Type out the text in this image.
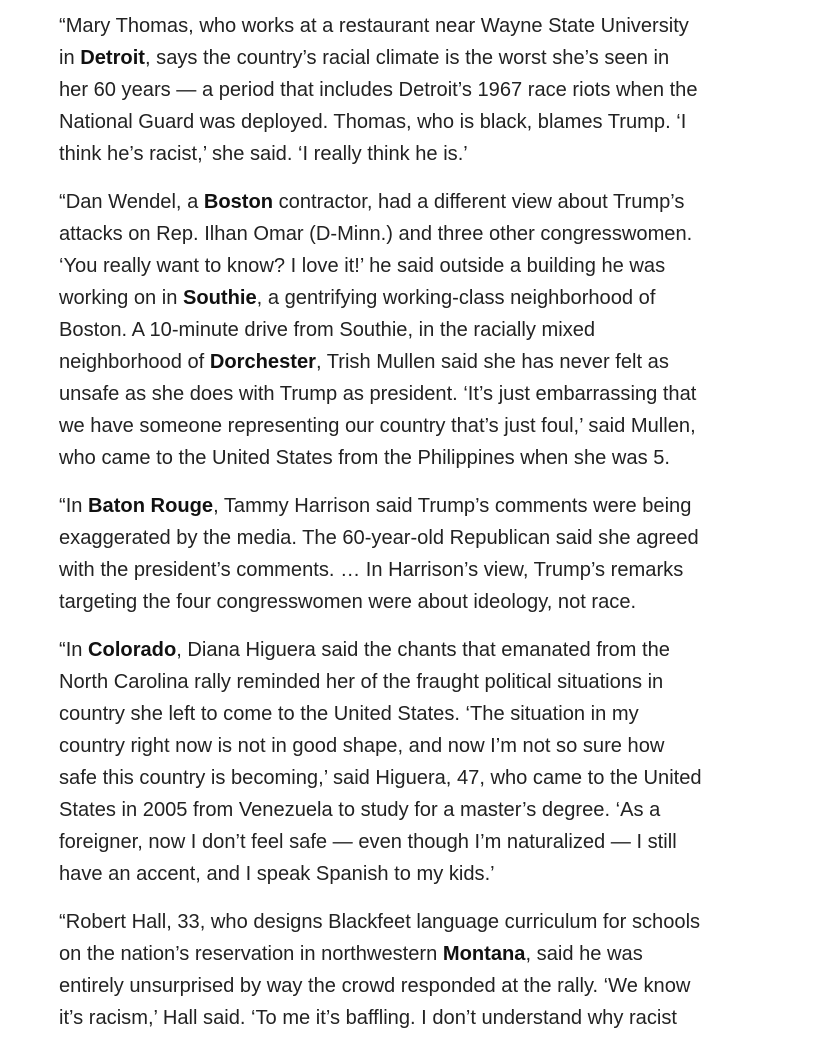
“Mary Thomas, who works at a restaurant near Wayne State University
in Detroit, says the country’s racial climate is the worst she’s seen in
her 60 years — a period that includes Detroit’s 1967 race riots when the
National Guard was deployed. Thomas, who is black, blames Trump. ‘I
think he’s racist,’ she said. ‘I really think he is.’

“Dan Wendel, a Boston contractor, had a different view about Trump’s
attacks on Rep. Ilhan Omar (D-Minn.) and three other congresswomen.
‘You really want to know? I love it!’ he said outside a building he was
working on in Southie, a gentrifying working-class neighborhood of
Boston. A 10-minute drive from Southie, in the racially mixed
neighborhood of Dorchester, Trish Mullen said she has never felt as
unsafe as she does with Trump as president. ‘It’s just embarrassing that
we have someone representing our country that’s just foul,’ said Mullen,
who came to the United States from the Philippines when she was 5.

“In Baton Rouge, Tammy Harrison said Trump’s comments were being
exaggerated by the media. The 60-year-old Republican said she agreed
with the president’s comments. … In Harrison’s view, Trump’s remarks
targeting the four congresswomen were about ideology, not race.

“In Colorado, Diana Higuera said the chants that emanated from the
North Carolina rally reminded her of the fraught political situations in
country she left to come to the United States. ‘The situation in my
country right now is not in good shape, and now I’m not so sure how
safe this country is becoming,’ said Higuera, 47, who came to the United
States in 2005 from Venezuela to study for a master’s degree. ‘As a
foreigner, now I don’t feel safe — even though I’m naturalized — I still
have an accent, and I speak Spanish to my kids.’

“Robert Hall, 33, who designs Blackfeet language curriculum for schools
on the nation’s reservation in northwestern Montana, said he was
entirely unsurprised by way the crowd responded at the rally. ‘We know
it’s racism,’ Hall said. ‘To me it’s baffling. I don’t understand why racist
